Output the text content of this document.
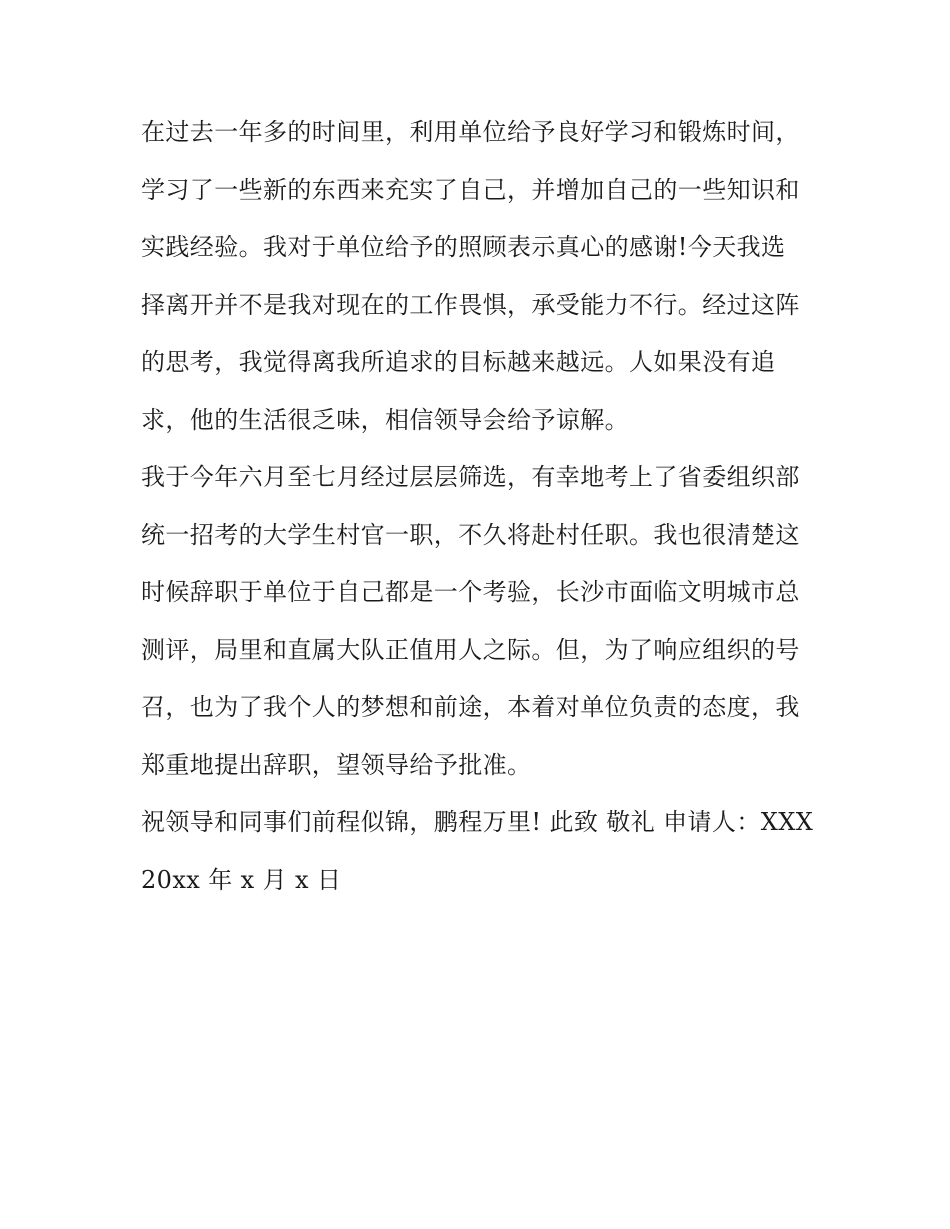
在过去一年多的时间里，利用单位给予良好学习和锻炼时间，
学习了一些新的东西来充实了自己，并增加自己的一些知识和
实践经验。我对于单位给予的照顾表示真心的感谢!今天我选
择离开并不是我对现在的工作畏惧，承受能力不行。经过这阵
的思考，我觉得离我所追求的目标越来越远。人如果没有追
求，他的生活很乏味，相信领导会给予谅解。
我于今年六月至七月经过层层筛选，有幸地考上了省委组织部
统一招考的大学生村官一职，不久将赴村任职。我也很清楚这
时候辞职于单位于自己都是一个考验，长沙市面临文明城市总
测评，局里和直属大队正值用人之际。但，为了响应组织的号
召，也为了我个人的梦想和前途，本着对单位负责的态度，我
郑重地提出辞职，望领导给予批准。
祝领导和同事们前程似锦，鹏程万里! 此致 敬礼 申请人：XXX
20xx 年 x 月 x 日
